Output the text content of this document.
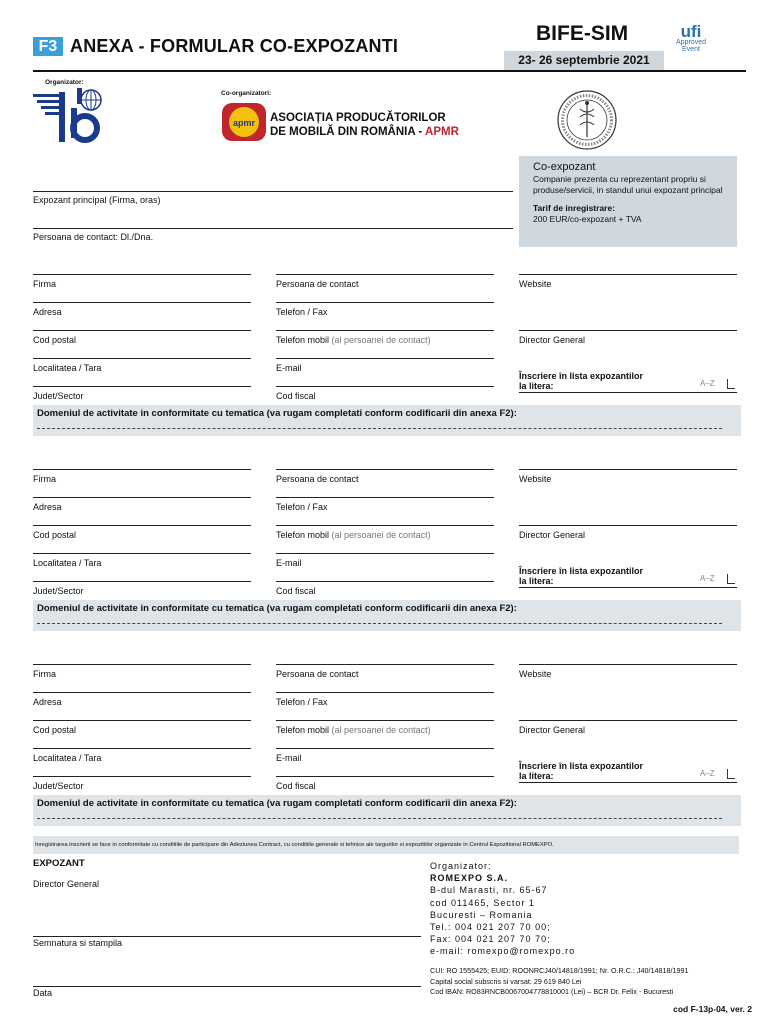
F3 ANEXA - FORMULAR CO-EXPOZANTI
BIFE-SIM	ufi
Approved
Event
23- 26 septembrie 2021
Organizator:
Co-organizatori:
apmr ASOCIAȚIA PRODUCĂTORILOR
DE MOBILĂ DIN ROMÂNIA - APMR
Co-expozant
Companie prezenta cu reprezentant propriu si produse/servicii, in standul unui expozant principal
Tarif de inregistrare:
200 EUR/co-expozant + TVA
Expozant principal (Firma, oras)
Persoana de contact: Dl./Dna.
Firma	Persoana de contact	Website
Adresa	Telefon / Fax
Cod postal	Telefon mobil (al persoanei de contact)	Director General
Localitatea / Tara	E-mail
Judet/Sector	Cod fiscal
Înscriere în lista expozantilor
la litera:	A–Z
Domeniul de activitate in conformitate cu tematica (va rugam completati conform codificarii din anexa F2):
Firma	Persoana de contact	Website
Adresa	Telefon / Fax
Cod postal	Telefon mobil (al persoanei de contact)	Director General
Localitatea / Tara	E-mail
Judet/Sector	Cod fiscal
Înscriere în lista expozantilor
la litera:	A–Z
Domeniul de activitate in conformitate cu tematica (va rugam completati conform codificarii din anexa F2):
Firma	Persoana de contact	Website
Adresa	Telefon / Fax
Cod postal	Telefon mobil (al persoanei de contact)	Director General
Localitatea / Tara	E-mail
Judet/Sector	Cod fiscal
Înscriere în lista expozantilor
la litera:	A–Z
Domeniul de activitate in conformitate cu tematica (va rugam completati conform codificarii din anexa F2):
Inregistrarea inscrierii se face in conformitate cu conditiile de participare din Adeziunea Contract, cu conditiile generale si tehnice ale targurilor si expozitiilor organizate in Centrul Expozitional ROMEXPO.
EXPOZANT
Director General
Semnatura si stampila
Data
Organizator:
ROMEXPO S.A.
B-dul Marasti, nr. 65-67
cod 011465, Sector 1
Bucuresti – Romania
Tel.: 004 021 207 70 00;
Fax: 004 021 207 70 70;
e-mail: romexpo@romexpo.ro
CUI: RO 1555425; EUID: ROONRCJ40/14818/1991; Nr. O.R.C.: J40/14818/1991
Capital social subscris si varsat: 29 619 840 Lei
Cod IBAN: RO83RNCB0067004778810001 (Lei) – BCR Dr. Felix - Bucuresti
cod F-13p-04, ver. 2
